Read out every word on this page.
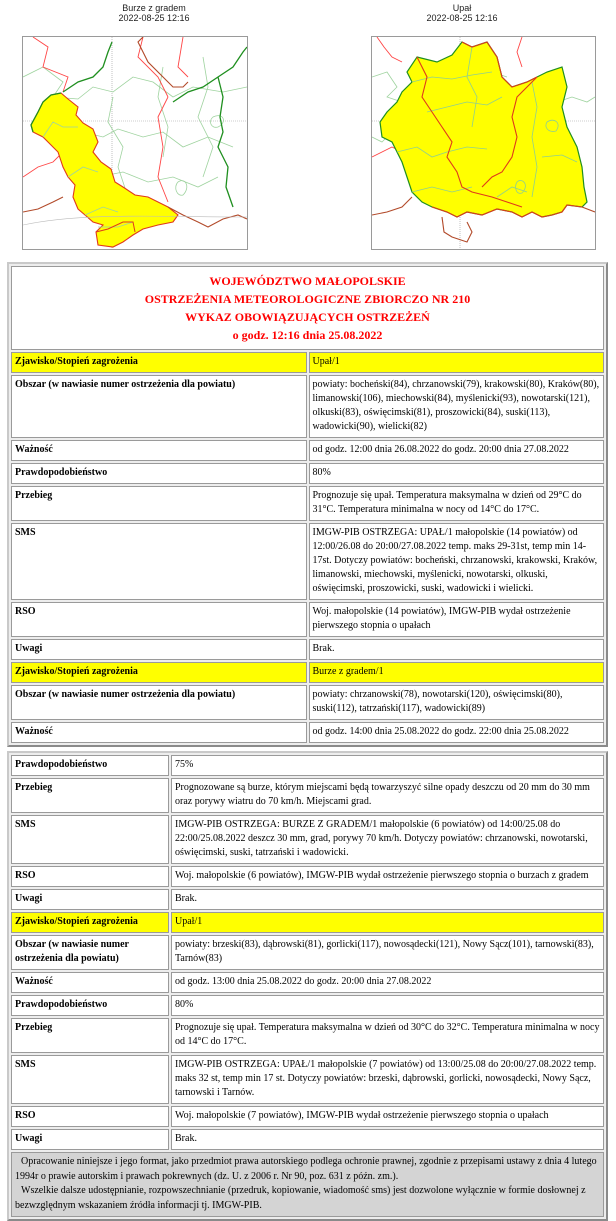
Burze z gradem
2022-08-25 12:16
Upał
2022-08-25 12:16
WOJEWÓDZTWO MAŁOPOLSKIE
OSTRZEŻENIA METEOROLOGICZNE ZBIORCZO NR 210
WYKAZ OBOWIĄZUJĄCYCH OSTRZEŻEŃ
o godz. 12:16 dnia 25.08.2022	

Zjawisko/Stopień zagrożenia	Upał/1
Obszar (w nawiasie numer ostrzeżenia dla powiatu)	powiaty: bocheński(84), chrzanowski(79), krakowski(80), Kraków(80), limanowski(106), miechowski(84), myślenicki(93), nowotarski(121), olkuski(83), oświęcimski(81), proszowicki(84), suski(113), wadowicki(90), wielicki(82)
Ważność	od godz. 12:00 dnia 26.08.2022 do godz. 20:00 dnia 27.08.2022
Prawdopodobieństwo	80%
Przebieg	Prognozuje się upał. Temperatura maksymalna w dzień od 29°C do 31°C. Temperatura minimalna w nocy od 14°C do 17°C.
SMS	IMGW-PIB OSTRZEGA: UPAŁ/1 małopolskie (14 powiatów) od 12:00/26.08 do 20:00/27.08.2022 temp. maks 29-31st, temp min 14-17st. Dotyczy powiatów: bocheński, chrzanowski, krakowski, Kraków, limanowski, miechowski, myślenicki, nowotarski, olkuski, oświęcimski, proszowicki, suski, wadowicki i wielicki.
RSO	Woj. małopolskie (14 powiatów), IMGW-PIB wydał ostrzeżenie pierwszego stopnia o upałach
Uwagi	Brak.
Zjawisko/Stopień zagrożenia	Burze z gradem/1
Obszar (w nawiasie numer ostrzeżenia dla powiatu)	powiaty: chrzanowski(78), nowotarski(120), oświęcimski(80), suski(112), tatrzański(117), wadowicki(89)
Ważność	od godz. 14:00 dnia 25.08.2022 do godz. 22:00 dnia 25.08.2022
Prawdopodobieństwo	75%
Przebieg	Prognozowane są burze, którym miejscami będą towarzyszyć silne opady deszczu od 20 mm do 30 mm oraz porywy wiatru do 70 km/h. Miejscami grad.
SMS	IMGW-PIB OSTRZEGA: BURZE Z GRADEM/1 małopolskie (6 powiatów) od 14:00/25.08 do 22:00/25.08.2022 deszcz 30 mm, grad, porywy 70 km/h. Dotyczy powiatów: chrzanowski, nowotarski, oświęcimski, suski, tatrzański i wadowicki.
RSO	Woj. małopolskie (6 powiatów), IMGW-PIB wydał ostrzeżenie pierwszego stopnia o burzach z gradem
Uwagi	Brak.
Zjawisko/Stopień zagrożenia	Upał/1
Obszar (w nawiasie numer ostrzeżenia dla powiatu)	powiaty: brzeski(83), dąbrowski(81), gorlicki(117), nowosądecki(121), Nowy Sącz(101), tarnowski(83), Tarnów(83)
Ważność	od godz. 13:00 dnia 25.08.2022 do godz. 20:00 dnia 27.08.2022
Prawdopodobieństwo	80%
Przebieg	Prognozuje się upał. Temperatura maksymalna w dzień od 30°C do 32°C. Temperatura minimalna w nocy od 14°C do 17°C.
SMS	IMGW-PIB OSTRZEGA: UPAŁ/1 małopolskie (7 powiatów) od 13:00/25.08 do 20:00/27.08.2022 temp. maks 32 st, temp min 17 st. Dotyczy powiatów: brzeski, dąbrowski, gorlicki, nowosądecki, Nowy Sącz, tarnowski i Tarnów.
RSO	Woj. małopolskie (7 powiatów), IMGW-PIB wydał ostrzeżenie pierwszego stopnia o upałach
Uwagi	Brak.

Opracowanie niniejsze i jego format, jako przedmiot prawa autorskiego podlega ochronie prawnej, zgodnie z przepisami ustawy z dnia 4 lutego 1994r o prawie autorskim i prawach pokrewnych (dz. U. z 2006 r. Nr 90, poz. 631 z późn. zm.).

Wszelkie dalsze udostępnianie, rozpowszechnianie (przedruk, kopiowanie, wiadomość sms) jest dozwolone wyłącznie w formie dosłownej z bezwzględnym wskazaniem źródła informacji tj. IMGW-PIB.	
